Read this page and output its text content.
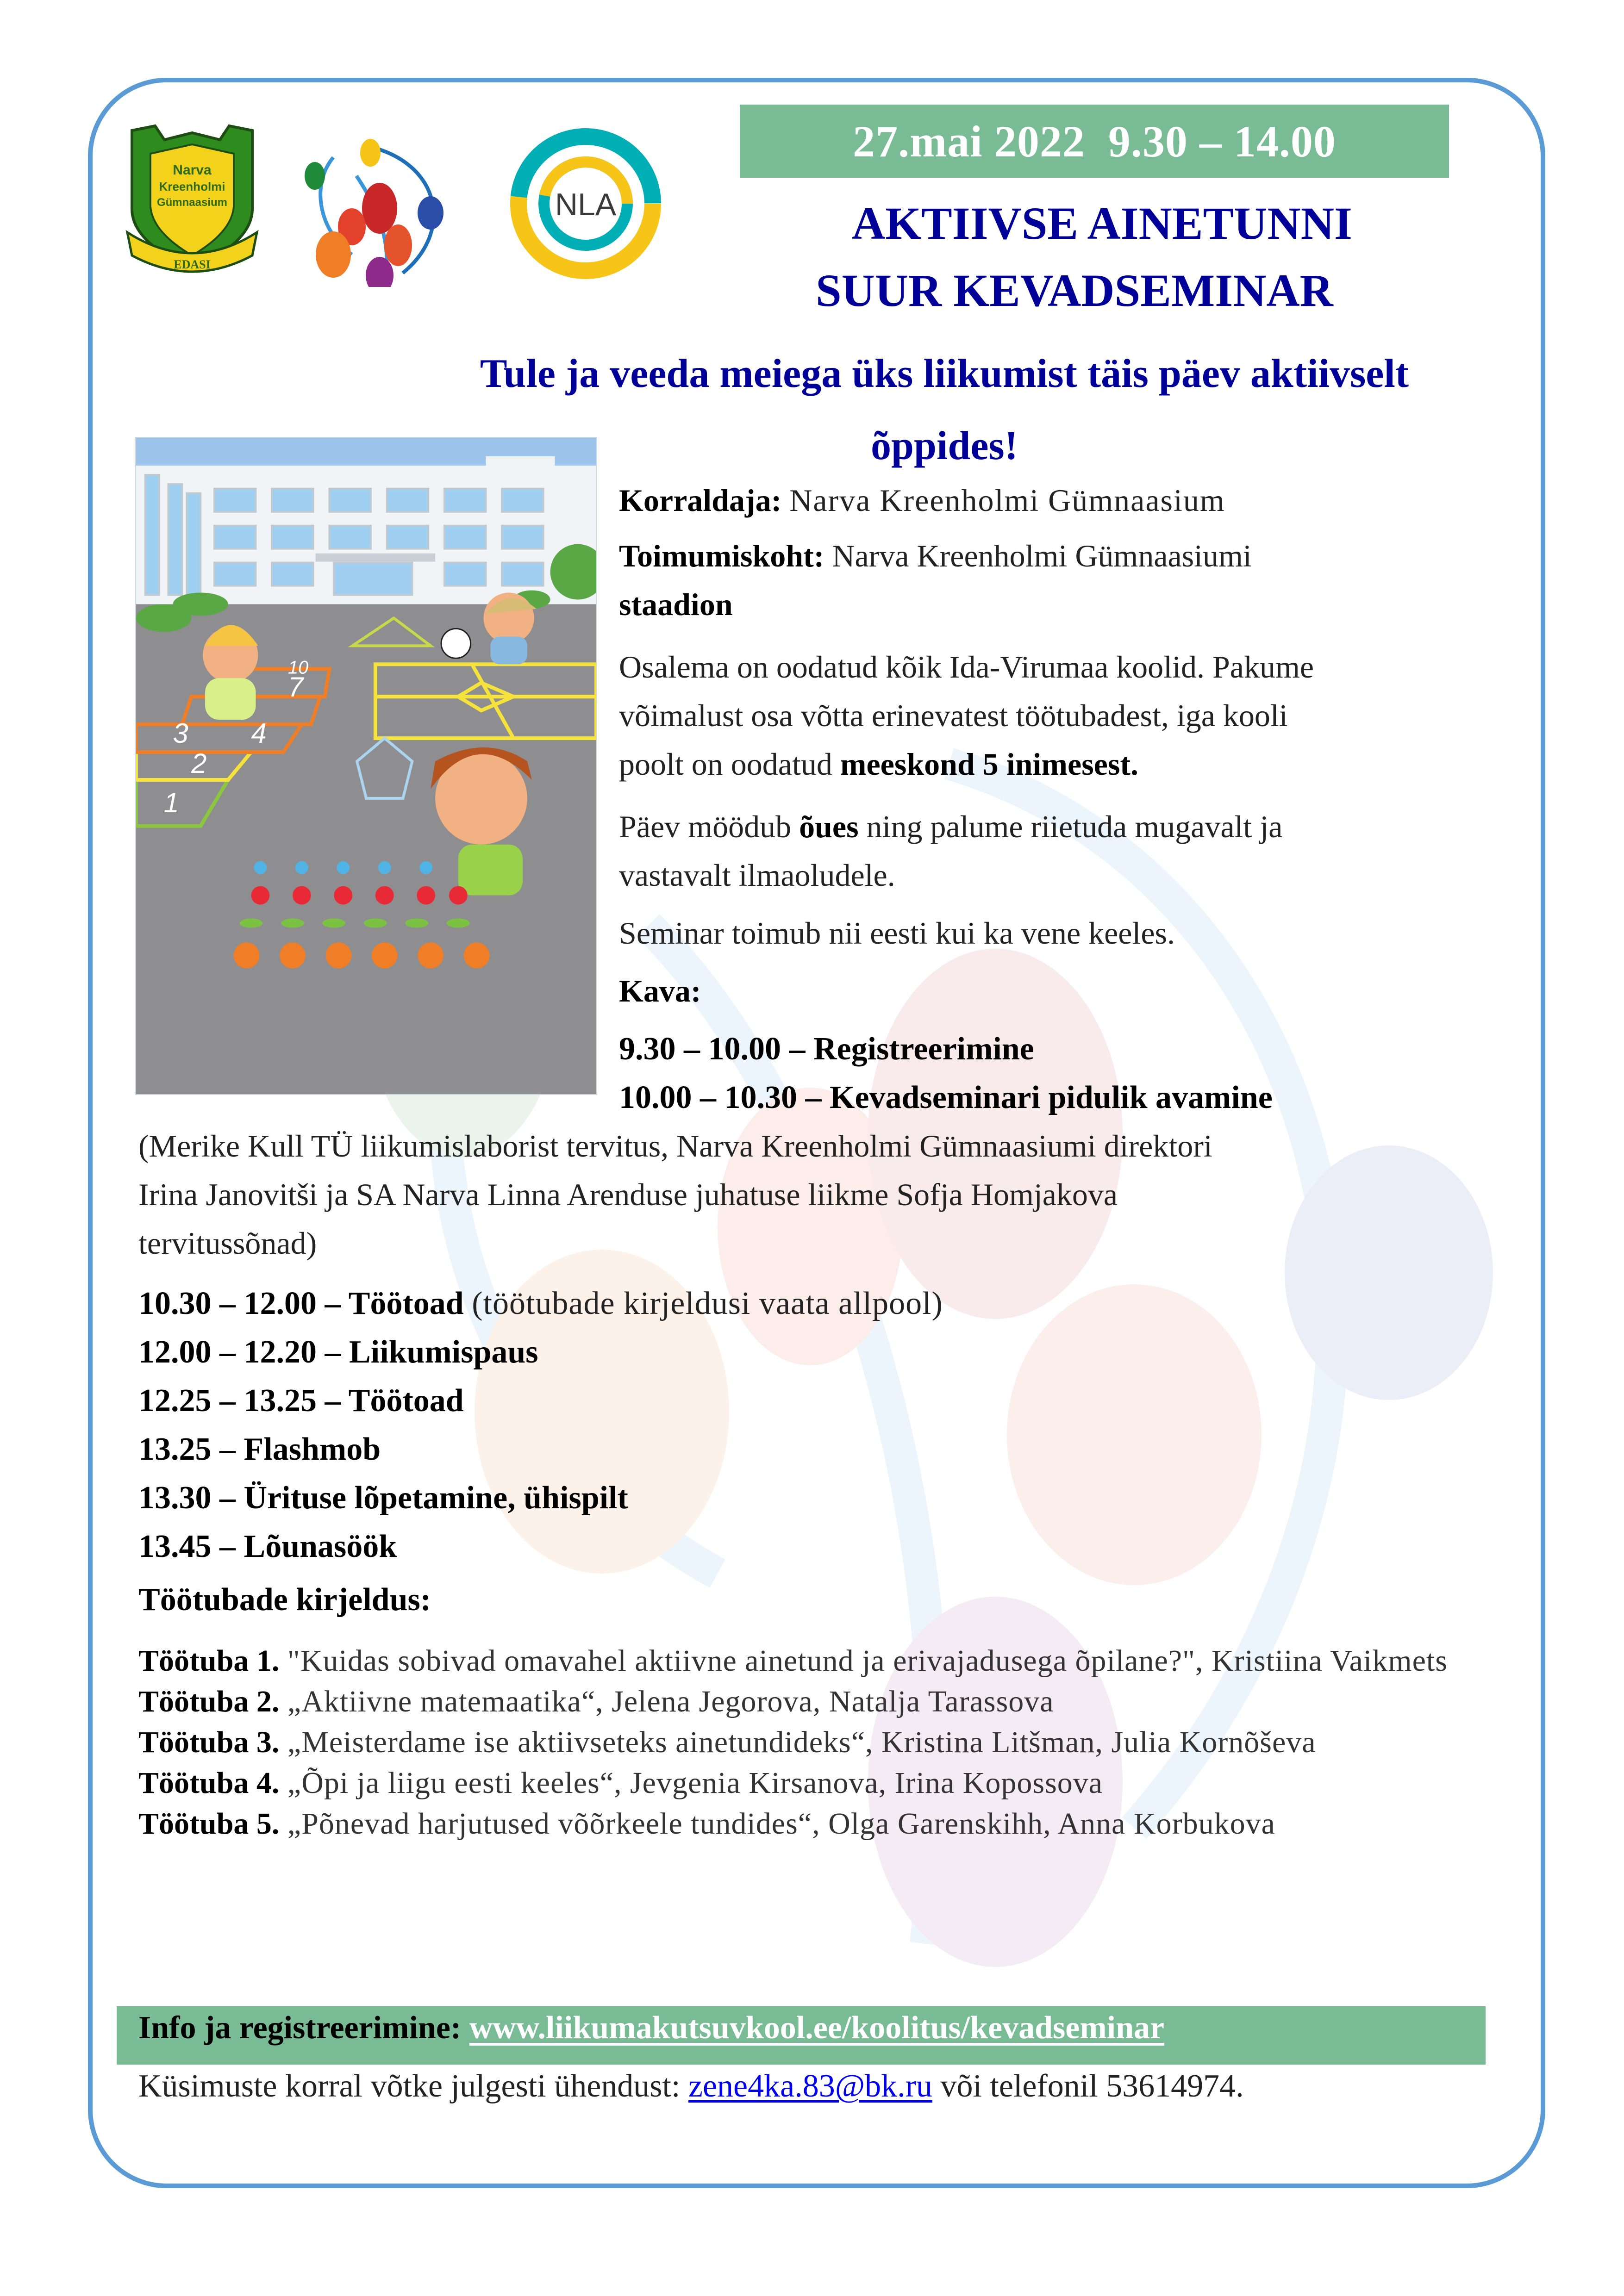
Narva
Kreenholmi
Gümnaasium
EDASI
NLA
27.mai 2022  9.30 – 14.00
AKTIIVSE AINETUNNI
SUUR KEVADSEMINAR
Tule ja veeda meiega üks liikumist täis päev aktiivselt
õppides!
1
2
3 4
7
10
Korraldaja: Narva Kreenholmi Gümnaasium
Toimumiskoht: Narva Kreenholmi Gümnaasiumi
staadion
Osalema on oodatud kõik Ida-Virumaa koolid. Pakume
võimalust osa võtta erinevatest töötubadest, iga kooli
poolt on oodatud meeskond 5 inimesest.
Päev möödub õues ning palume riietuda mugavalt ja
vastavalt ilmaoludele.
Seminar toimub nii eesti kui ka vene keeles.
Kava:
9.30 – 10.00 – Registreerimine
10.00 – 10.30 – Kevadseminari pidulik avamine
(Merike Kull TÜ liikumislaborist tervitus, Narva Kreenholmi Gümnaasiumi direktori
Irina Janovitši ja SA Narva Linna Arenduse juhatuse liikme Sofja Homjakova
tervitussõnad)
10.30 – 12.00 – Töötoad (töötubade kirjeldusi vaata allpool)
12.00 – 12.20 – Liikumispaus
12.25 – 13.25 – Töötoad
13.25 – Flashmob
13.30 – Ürituse lõpetamine, ühispilt
13.45 – Lõunasöök
Töötubade kirjeldus:
Töötuba 1. "Kuidas sobivad omavahel aktiivne ainetund ja erivajadusega õpilane?", Kristiina Vaikmets
Töötuba 2. „Aktiivne matemaatika“, Jelena Jegorova, Natalja Tarassova
Töötuba 3. „Meisterdame ise aktiivseteks ainetundideks“, Kristina Litšman, Julia Kornõševa
Töötuba 4. „Õpi ja liigu eesti keeles“, Jevgenia Kirsanova, Irina Kopossova
Töötuba 5. „Põnevad harjutused võõrkeele tundides“, Olga Garenskihh, Anna Korbukova
Info ja registreerimine: www.liikumakutsuvkool.ee/koolitus/kevadseminar
Küsimuste korral võtke julgesti ühendust: zene4ka.83@bk.ru või telefonil 53614974.
